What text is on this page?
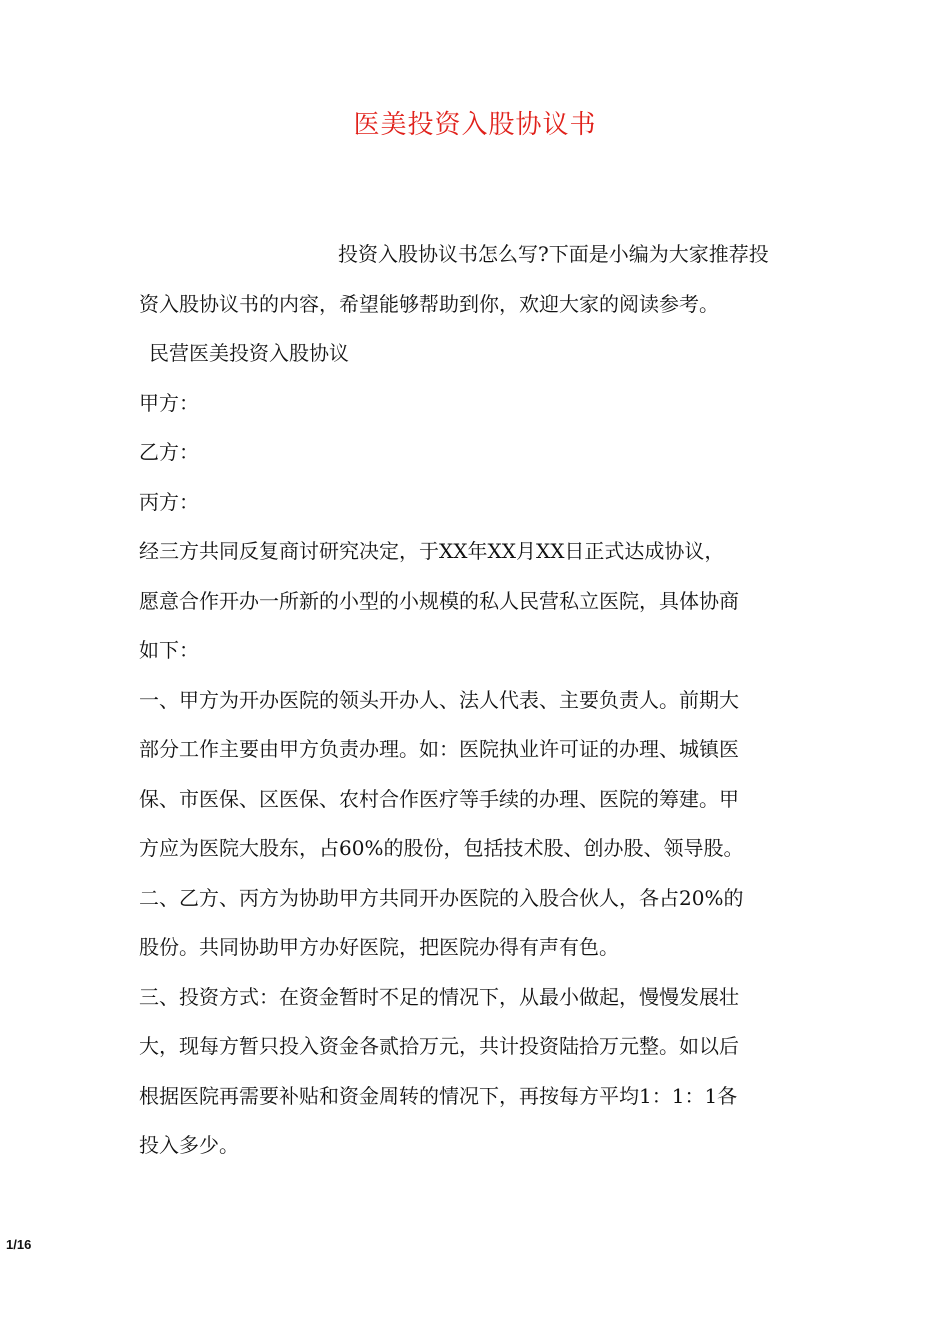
医美投资入股协议书
投资入股协议书怎么写?下面是小编为大家推荐投
资入股协议书的内容，希望能够帮助到你，欢迎大家的阅读参考。
民营医美投资入股协议
甲方：
乙方：
丙方：
经三方共同反复商讨研究决定，于XX年XX月XX日正式达成协议，
愿意合作开办一所新的小型的小规模的私人民营私立医院，具体协商
如下：
一、甲方为开办医院的领头开办人、法人代表、主要负责人。前期大
部分工作主要由甲方负责办理。如：医院执业许可证的办理、城镇医
保、市医保、区医保、农村合作医疗等手续的办理、医院的筹建。甲
方应为医院大股东，占60%的股份，包括技术股、创办股、领导股。
二、乙方、丙方为协助甲方共同开办医院的入股合伙人，各占20%的
股份。共同协助甲方办好医院，把医院办得有声有色。
三、投资方式：在资金暂时不足的情况下，从最小做起，慢慢发展壮
大，现每方暂只投入资金各贰拾万元，共计投资陆拾万元整。如以后
根据医院再需要补贴和资金周转的情况下，再按每方平均1：1：1各
投入多少。
1/16
